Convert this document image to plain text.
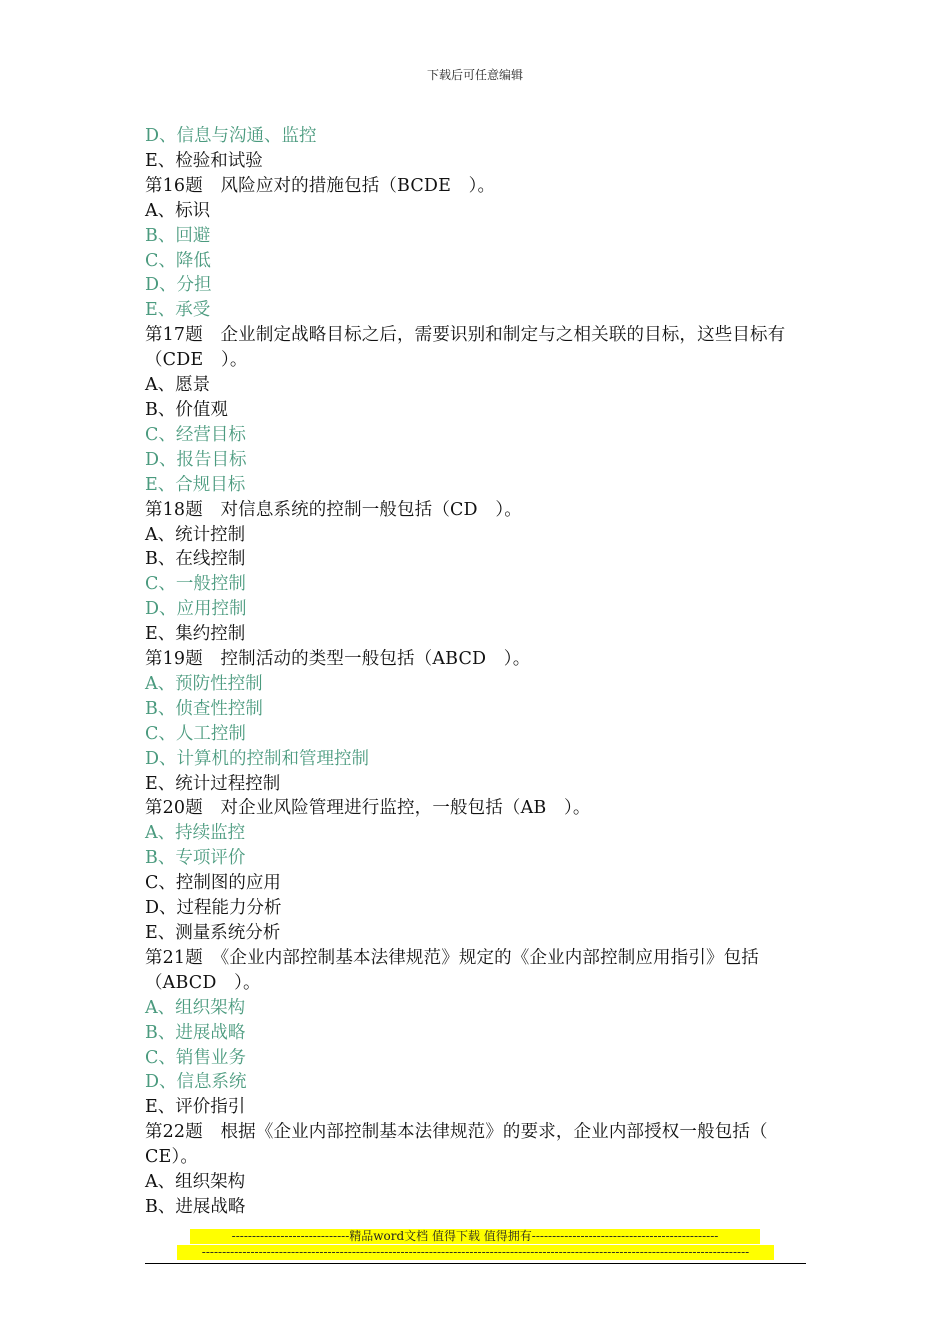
下载后可任意编辑
D、信息与沟通、监控
E、检验和试验
第16题　风险应对的措施包括（BCDE　）。
A、标识
B、回避
C、降低
D、分担
E、承受
第17题　企业制定战略目标之后，需要识别和制定与之相关联的目标，这些目标有（CDE　）。
A、愿景
B、价值观
C、经营目标
D、报告目标
E、合规目标
第18题　对信息系统的控制一般包括（CD　）。
A、统计控制
B、在线控制
C、一般控制
D、应用控制
E、集约控制
第19题　控制活动的类型一般包括（ABCD　）。
A、预防性控制
B、侦查性控制
C、人工控制
D、计算机的控制和管理控制
E、统计过程控制
第20题　对企业风险管理进行监控，一般包括（AB　）。
A、持续监控
B、专项评价
C、控制图的应用
D、过程能力分析
E、测量系统分析
第21题　《企业内部控制基本法律规范》规定的《企业内部控制应用指引》包括（ABCD　）。
A、组织架构
B、进展战略
C、销售业务
D、信息系统
E、评价指引
第22题　根据《企业内部控制基本法律规范》的要求，企业内部授权一般包括（　CE）。
A、组织架构
B、进展战略
-----------------------------精品word文档 值得下载 值得拥有----------------------------------------------
---------------------------------------------------------------------------------------------------------------------------------------
